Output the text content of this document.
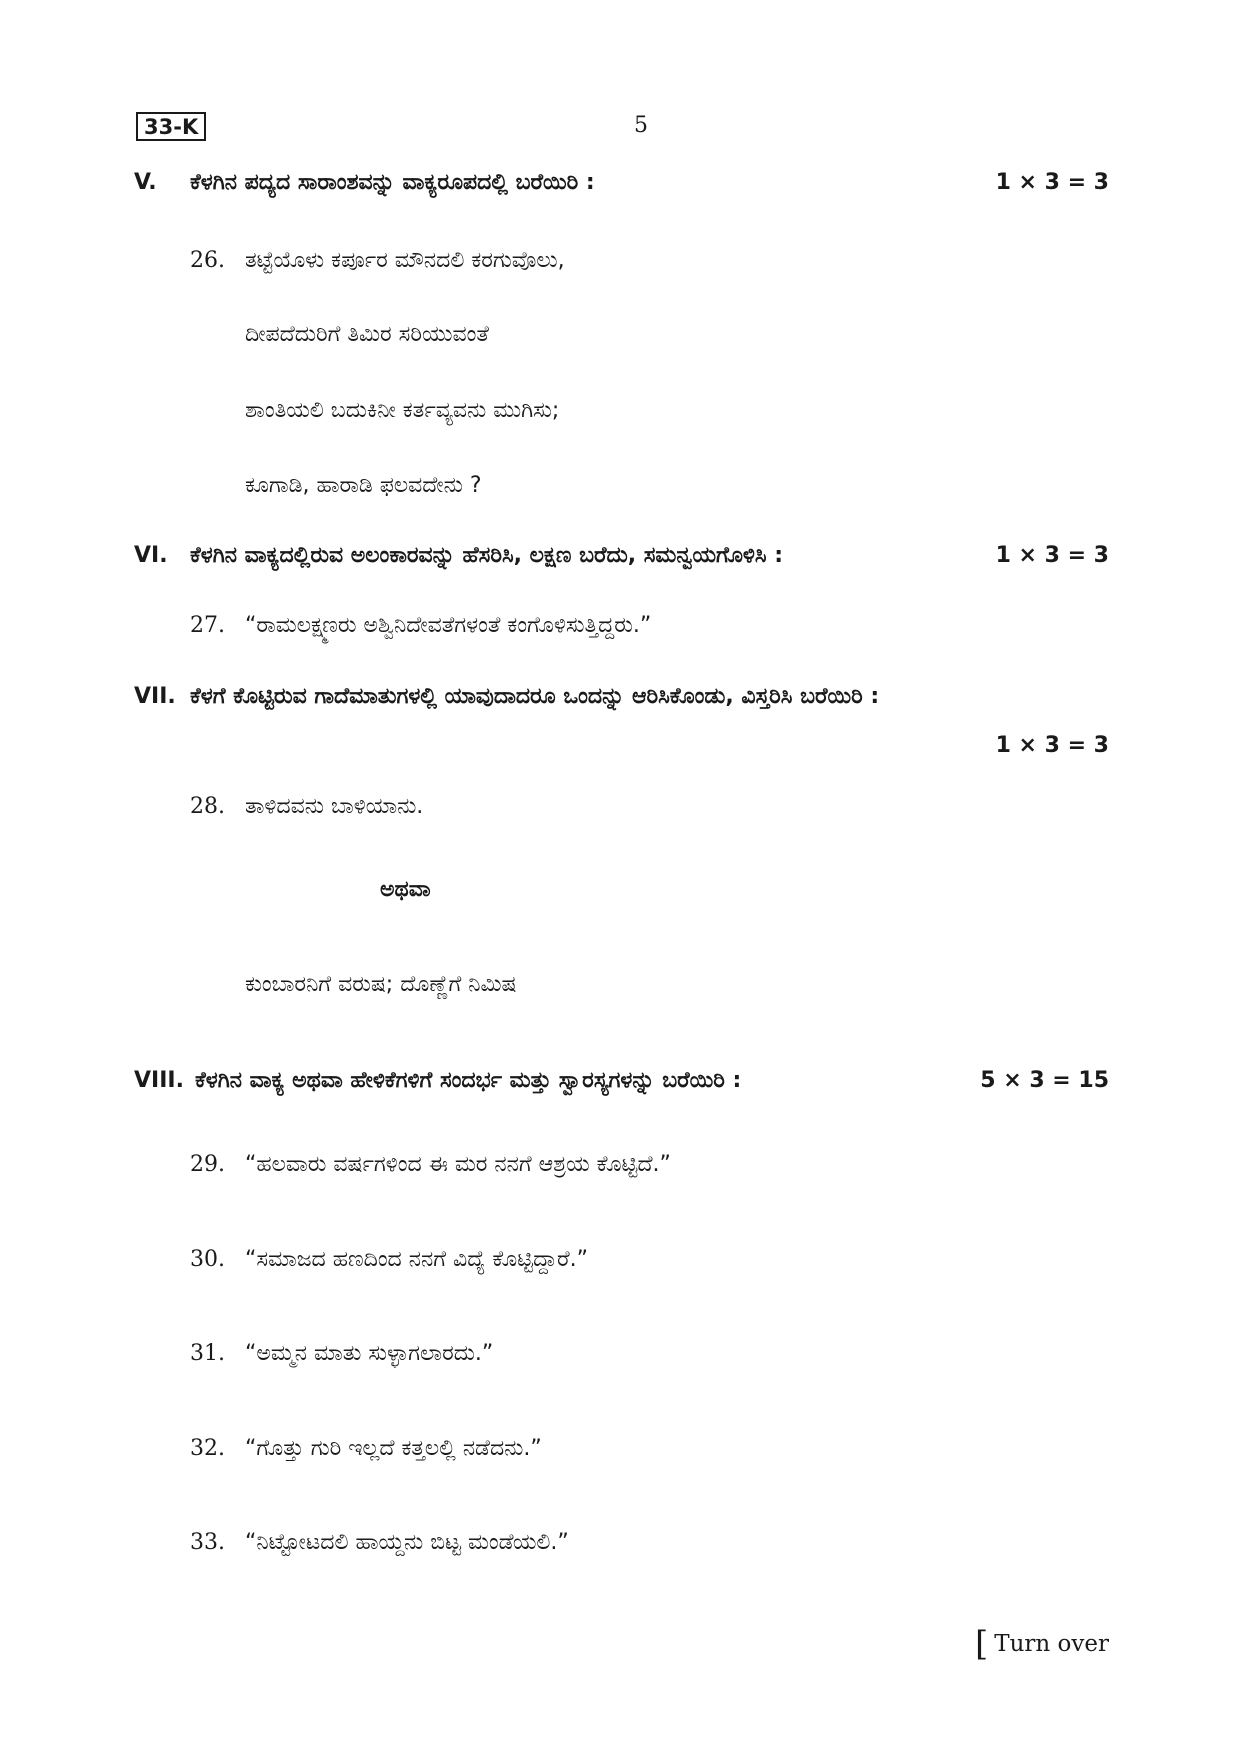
33-K	5
V. ಕೆಳಗಿನ ಪದ್ಯದ ಸಾರಾಂಶವನ್ನು ವಾಕ್ಯರೂಪದಲ್ಲಿ ಬರೆಯಿರಿ :	1 × 3 = 3
26. ತಟ್ಟೆಯೊಳು ಕರ್ಪೂರ ಮೌನದಲಿ ಕರಗುವೊಲು,
ದೀಪದೆದುರಿಗೆ ತಿಮಿರ ಸರಿಯುವಂತೆ
ಶಾಂತಿಯಲಿ ಬದುಕಿನೀ ಕರ್ತವ್ಯವನು ಮುಗಿಸು;
ಕೂಗಾಡಿ, ಹಾರಾಡಿ ಫಲವದೇನು ?
VI. ಕೆಳಗಿನ ವಾಕ್ಯದಲ್ಲಿರುವ ಅಲಂಕಾರವನ್ನು ಹೆಸರಿಸಿ, ಲಕ್ಷಣ ಬರೆದು, ಸಮನ್ವಯಗೊಳಿಸಿ :	1 × 3 = 3
27. “ರಾಮಲಕ್ಷ್ಮಣರು ಅಶ್ವಿನಿದೇವತೆಗಳಂತೆ ಕಂಗೊಳಿಸುತ್ತಿದ್ದರು.”
VII. ಕೆಳಗೆ ಕೊಟ್ಟಿರುವ ಗಾದೆಮಾತುಗಳಲ್ಲಿ ಯಾವುದಾದರೂ ಒಂದನ್ನು ಆರಿಸಿಕೊಂಡು, ವಿಸ್ತರಿಸಿ ಬರೆಯಿರಿ :
1 × 3 = 3
28. ತಾಳಿದವನು ಬಾಳಿಯಾನು.
ಅಥವಾ
ಕುಂಬಾರನಿಗೆ ವರುಷ; ದೊಣ್ಣೆಗೆ ನಿಮಿಷ
VIII. ಕೆಳಗಿನ ವಾಕ್ಯ ಅಥವಾ ಹೇಳಿಕೆಗಳಿಗೆ ಸಂದರ್ಭ ಮತ್ತು ಸ್ವಾರಸ್ಯಗಳನ್ನು ಬರೆಯಿರಿ :	5 × 3 = 15
29. “ಹಲವಾರು ವರ್ಷಗಳಿಂದ ಈ ಮರ ನನಗೆ ಆಶ್ರಯ ಕೊಟ್ಟಿದೆ.”
30. “ಸಮಾಜದ ಹಣದಿಂದ ನನಗೆ ವಿದ್ಯೆ ಕೊಟ್ಟಿದ್ದಾರೆ.”
31. “ಅಮ್ಮನ ಮಾತು ಸುಳ್ಳಾಗಲಾರದು.”
32. “ಗೊತ್ತು ಗುರಿ ಇಲ್ಲದೆ ಕತ್ತಲಲ್ಲಿ ನಡೆದನು.”
33. “ನಿಟ್ಟೋಟದಲಿ ಹಾಯ್ದನು ಬಿಟ್ಟ ಮಂಡೆಯಲಿ.”
[ Turn over
